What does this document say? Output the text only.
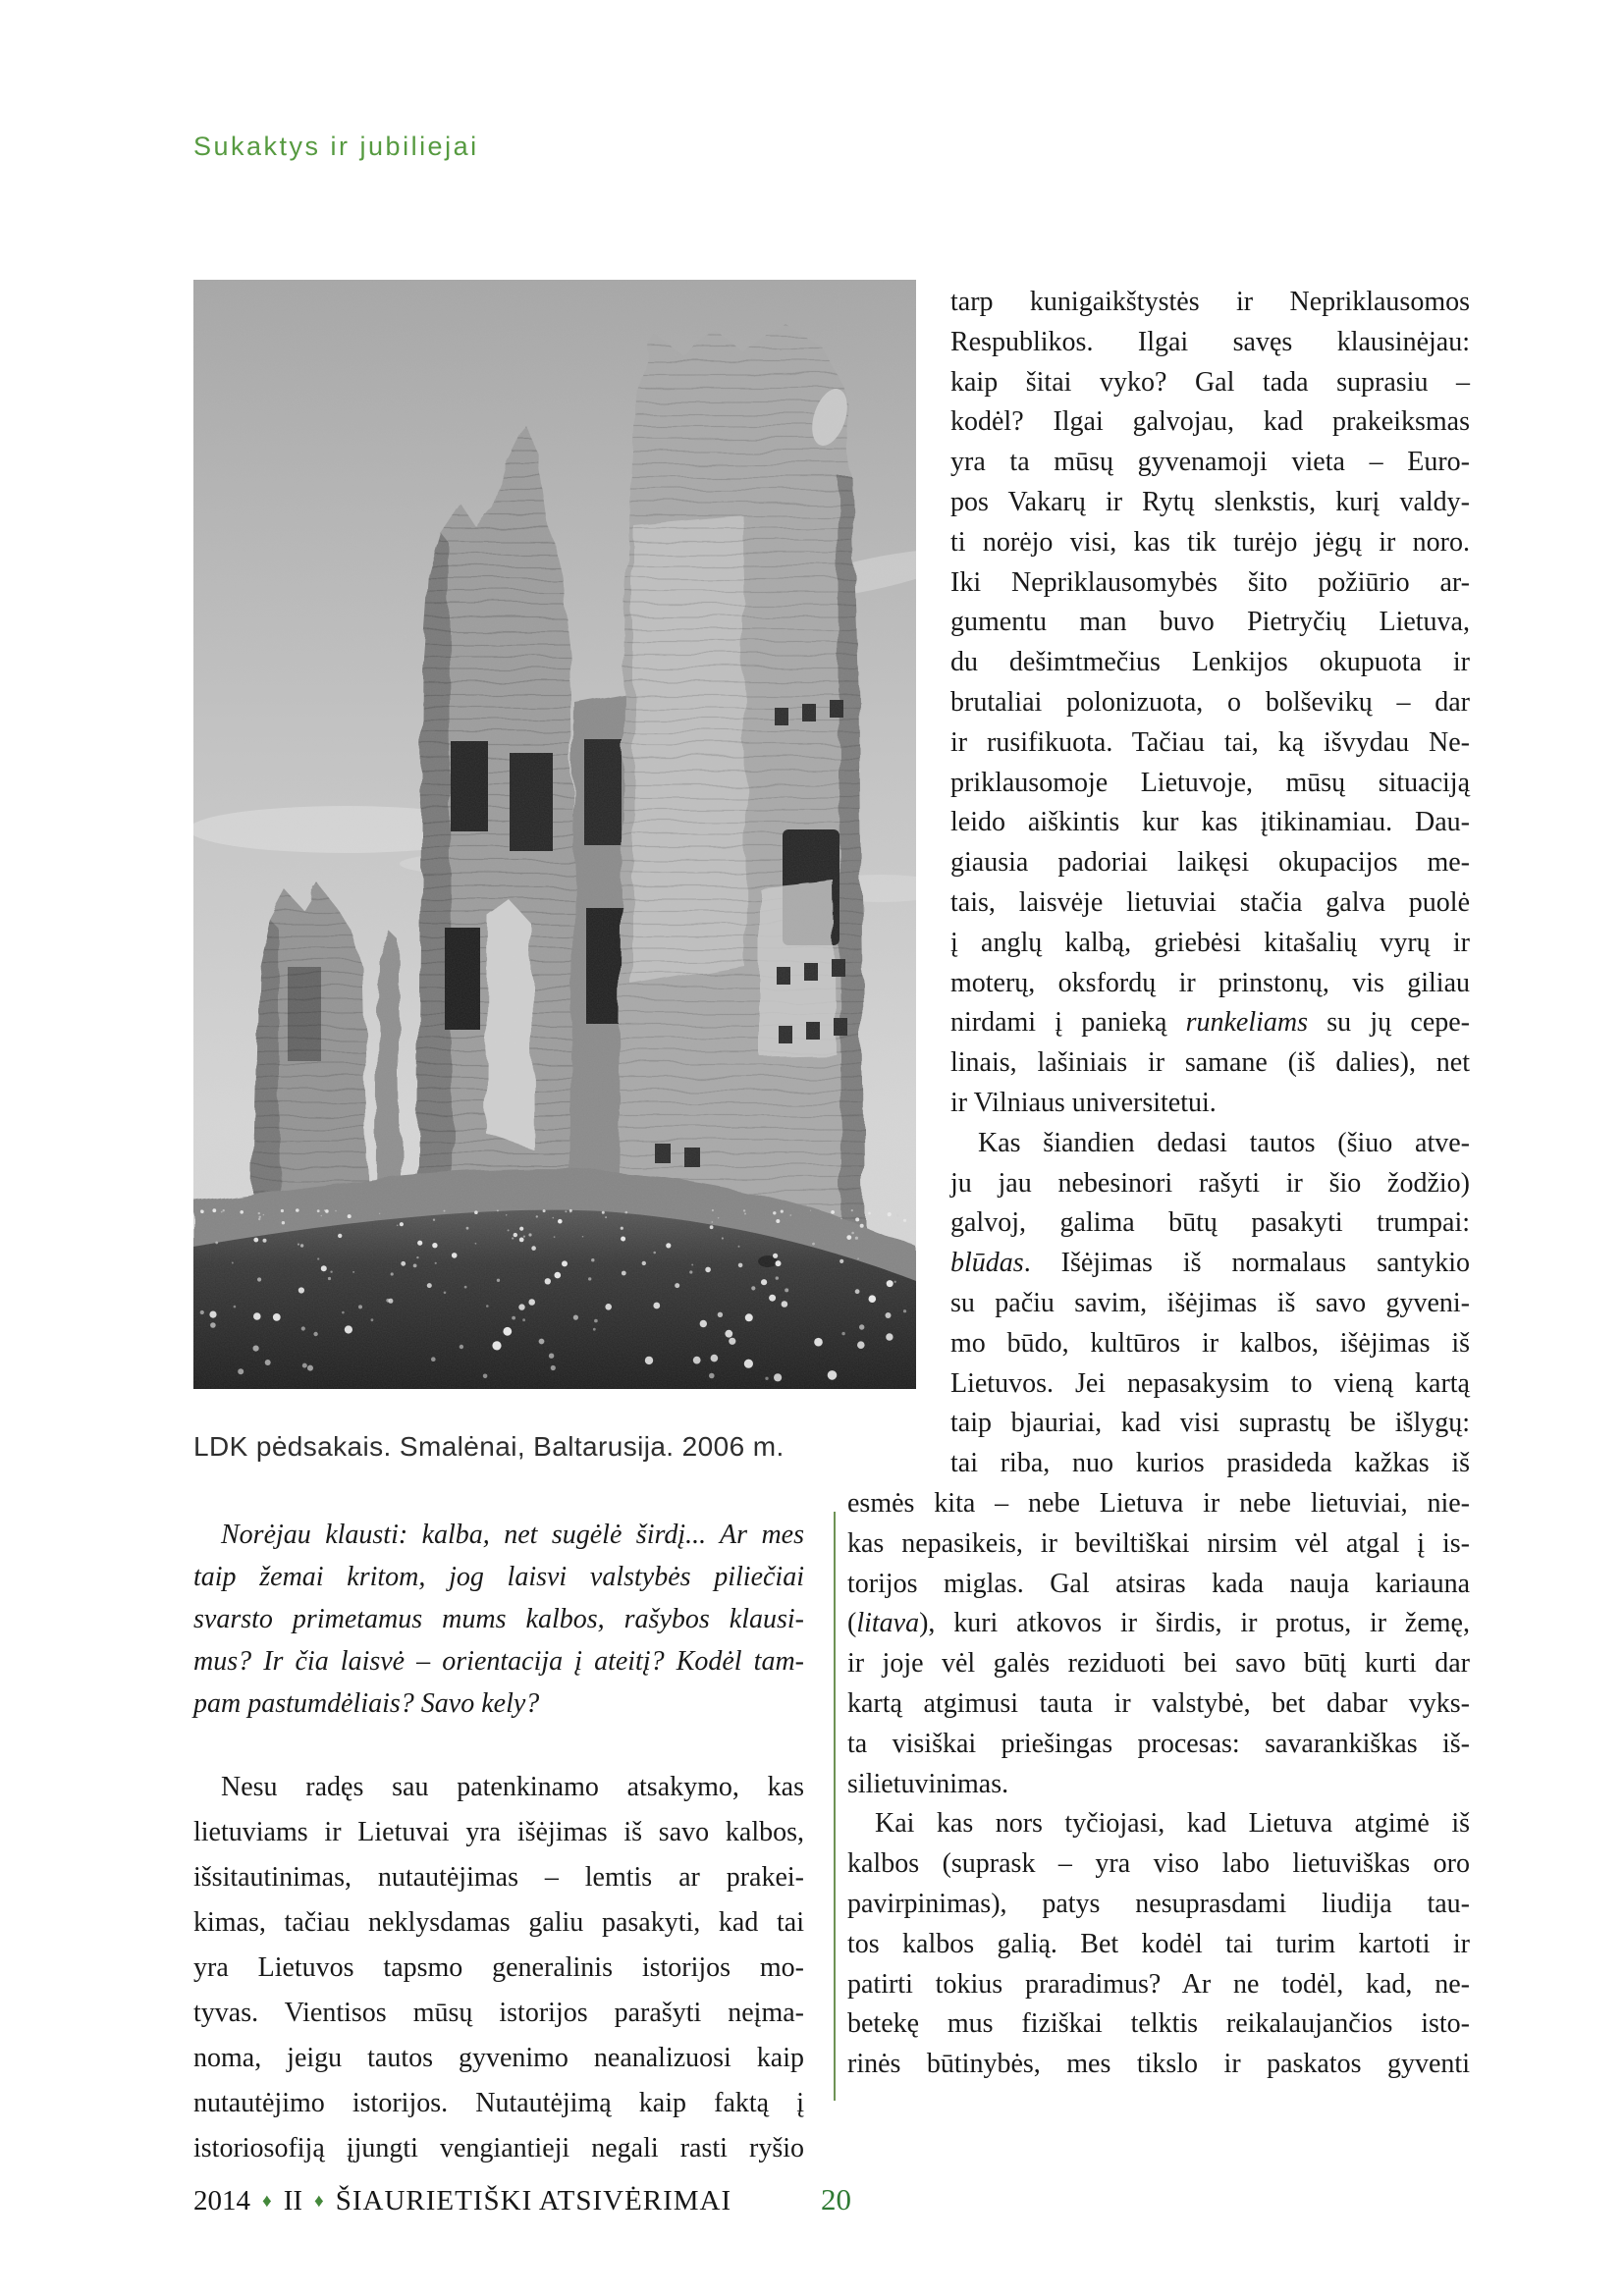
Sukaktys ir jubiliejai
LDK pėdsakais. Smalėnai, Baltarusija. 2006 m.
 Norėjau klausti: kalba, net sugėlė širdį... Ar mes
taip žemai kritom, jog laisvi valstybės piliečiai
svarsto primetamus mums kalbos, rašybos klausi-
mus? Ir čia laisvė – orientacija į ateitį? Kodėl tam-
pam pastumdėliais? Savo kely?
 Nesu radęs sau patenkinamo atsakymo, kas
lietuviams ir Lietuvai yra išėjimas iš savo kalbos,
išsitautinimas, nutautėjimas – lemtis ar prakei-
kimas, tačiau neklysdamas galiu pasakyti, kad tai
yra Lietuvos tapsmo generalinis istorijos mo-
tyvas. Vientisos mūsų istorijos parašyti neįma-
noma, jeigu tautos gyvenimo neanalizuosi kaip
nutautėjimo istorijos. Nutautėjimą kaip faktą į
istoriosofiją įjungti vengiantieji negali rasti ryšio
tarp kunigaikštystės ir Nepriklausomos
Respublikos. Ilgai savęs klausinėjau:
kaip šitai vyko? Gal tada suprasiu –
kodėl? Ilgai galvojau, kad prakeiksmas
yra ta mūsų gyvenamoji vieta – Euro-
pos Vakarų ir Rytų slenkstis, kurį valdy-
ti norėjo visi, kas tik turėjo jėgų ir noro.
Iki Nepriklausomybės šito požiūrio ar-
gumentu man buvo Pietryčių Lietuva,
du dešimtmečius Lenkijos okupuota ir
brutaliai polonizuota, o bolševikų – dar
ir rusifikuota. Tačiau tai, ką išvydau Ne-
priklausomoje Lietuvoje, mūsų situaciją
leido aiškintis kur kas įtikinamiau. Dau-
giausia padoriai laikęsi okupacijos me-
tais, laisvėje lietuviai stačia galva puolė
į anglų kalbą, griebėsi kitašalių vyrų ir
moterų, oksfordų ir prinstonų, vis giliau
nirdami į panieką runkeliams su jų cepe-
linais, lašiniais ir samane (iš dalies), net
ir Vilniaus universitetui.
 Kas šiandien dedasi tautos (šiuo atve-
ju jau nebesinori rašyti ir šio žodžio)
galvoj, galima būtų pasakyti trumpai:
blūdas. Išėjimas iš normalaus santykio
su pačiu savim, išėjimas iš savo gyveni-
mo būdo, kultūros ir kalbos, išėjimas iš
Lietuvos. Jei nepasakysim to vieną kartą
taip bjauriai, kad visi suprastų be išlygų:
tai riba, nuo kurios prasideda kažkas iš
esmės kita – nebe Lietuva ir nebe lietuviai, nie-
kas nepasikeis, ir beviltiškai nirsim vėl atgal į is-
torijos miglas. Gal atsiras kada nauja kariauna
(litava), kuri atkovos ir širdis, ir protus, ir žemę,
ir joje vėl galės reziduoti bei savo būtį kurti dar
kartą atgimusi tauta ir valstybė, bet dabar vyks-
ta visiškai priešingas procesas: savarankiškas iš-
silietuvinimas.
 Kai kas nors tyčiojasi, kad Lietuva atgimė iš
kalbos (suprask – yra viso labo lietuviškas oro
pavirpinimas), patys nesuprasdami liudija tau-
tos kalbos galią. Bet kodėl tai turim kartoti ir
patirti tokius praradimus? Ar ne todėl, kad, ne-
betekę mus fiziškai telktis reikalaujančios isto-
rinės būtinybės, mes tikslo ir paskatos gyventi
2014 ♦ II ♦ ŠIAURIETIŠKI ATSIVĖRIMAI	20
